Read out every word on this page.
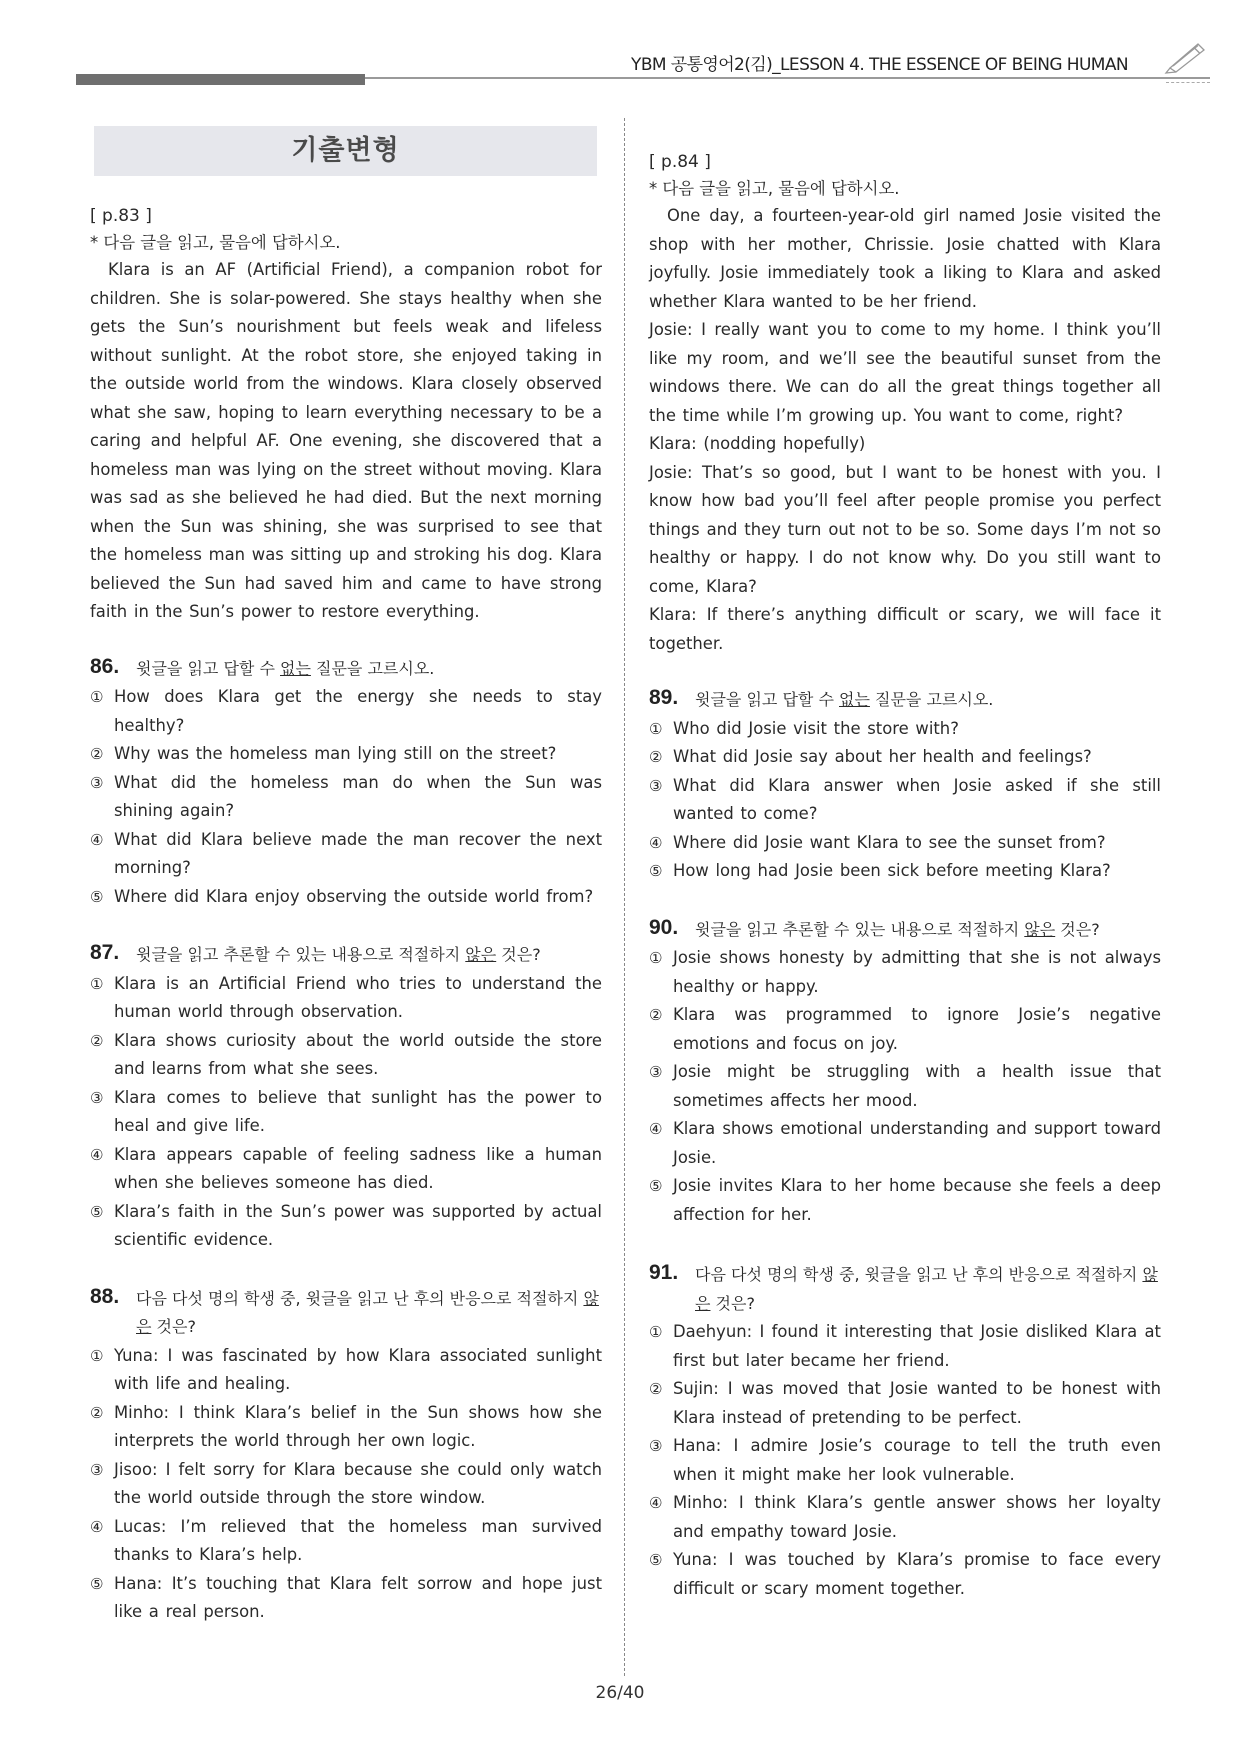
YBM 공통영어2(김)_LESSON 4. THE ESSENCE OF BEING HUMAN
기출변형
[ p.83 ]
* 다음 글을 읽고, 물음에 답하시오.
Klara is an AF (Artificial Friend), a companion robot for children. She is solar-powered. She stays healthy when she gets the Sun’s nourishment but feels weak and lifeless without sunlight. At the robot store, she enjoyed taking in the outside world from the windows. Klara closely observed what she saw, hoping to learn everything necessary to be a caring and helpful AF. One evening, she discovered that a homeless man was lying on the street without moving. Klara was sad as she believed he had died. But the next morning when the Sun was shining, she was surprised to see that the homeless man was sitting up and stroking his dog. Klara believed the Sun had saved him and came to have strong faith in the Sun’s power to restore everything.
86. 윗글을 읽고 답할 수 없는 질문을 고르시오.
① How does Klara get the energy she needs to stay healthy?
② Why was the homeless man lying still on the street?
③ What did the homeless man do when the Sun was shining again?
④ What did Klara believe made the man recover the next morning?
⑤ Where did Klara enjoy observing the outside world from?
87. 윗글을 읽고 추론할 수 있는 내용으로 적절하지 않은 것은?
① Klara is an Artificial Friend who tries to understand the human world through observation.
② Klara shows curiosity about the world outside the store and learns from what she sees.
③ Klara comes to believe that sunlight has the power to heal and give life.
④ Klara appears capable of feeling sadness like a human when she believes someone has died.
⑤ Klara’s faith in the Sun’s power was supported by actual scientific evidence.
88. 다음 다섯 명의 학생 중, 윗글을 읽고 난 후의 반응으로 적절하지 않은 것은?
① Yuna: I was fascinated by how Klara associated sunlight with life and healing.
② Minho: I think Klara’s belief in the Sun shows how she interprets the world through her own logic.
③ Jisoo: I felt sorry for Klara because she could only watch the world outside through the store window.
④ Lucas: I’m relieved that the homeless man survived thanks to Klara’s help.
⑤ Hana: It’s touching that Klara felt sorrow and hope just like a real person.
[ p.84 ]
* 다음 글을 읽고, 물음에 답하시오.
One day, a fourteen-year-old girl named Josie visited the shop with her mother, Chrissie. Josie chatted with Klara joyfully. Josie immediately took a liking to Klara and asked whether Klara wanted to be her friend.
Josie: I really want you to come to my home. I think you’ll like my room, and we’ll see the beautiful sunset from the windows there. We can do all the great things together all the time while I’m growing up. You want to come, right?
Klara: (nodding hopefully)
Josie: That’s so good, but I want to be honest with you. I know how bad you’ll feel after people promise you perfect things and they turn out not to be so. Some days I’m not so healthy or happy. I do not know why. Do you still want to come, Klara?
Klara: If there’s anything difficult or scary, we will face it together.
89. 윗글을 읽고 답할 수 없는 질문을 고르시오.
① Who did Josie visit the store with?
② What did Josie say about her health and feelings?
③ What did Klara answer when Josie asked if she still wanted to come?
④ Where did Josie want Klara to see the sunset from?
⑤ How long had Josie been sick before meeting Klara?
90. 윗글을 읽고 추론할 수 있는 내용으로 적절하지 않은 것은?
① Josie shows honesty by admitting that she is not always healthy or happy.
② Klara was programmed to ignore Josie’s negative emotions and focus on joy.
③ Josie might be struggling with a health issue that sometimes affects her mood.
④ Klara shows emotional understanding and support toward Josie.
⑤ Josie invites Klara to her home because she feels a deep affection for her.
91. 다음 다섯 명의 학생 중, 윗글을 읽고 난 후의 반응으로 적절하지 않은 것은?
① Daehyun: I found it interesting that Josie disliked Klara at first but later became her friend.
② Sujin: I was moved that Josie wanted to be honest with Klara instead of pretending to be perfect.
③ Hana: I admire Josie’s courage to tell the truth even when it might make her look vulnerable.
④ Minho: I think Klara’s gentle answer shows her loyalty and empathy toward Josie.
⑤ Yuna: I was touched by Klara’s promise to face every difficult or scary moment together.
26/40
